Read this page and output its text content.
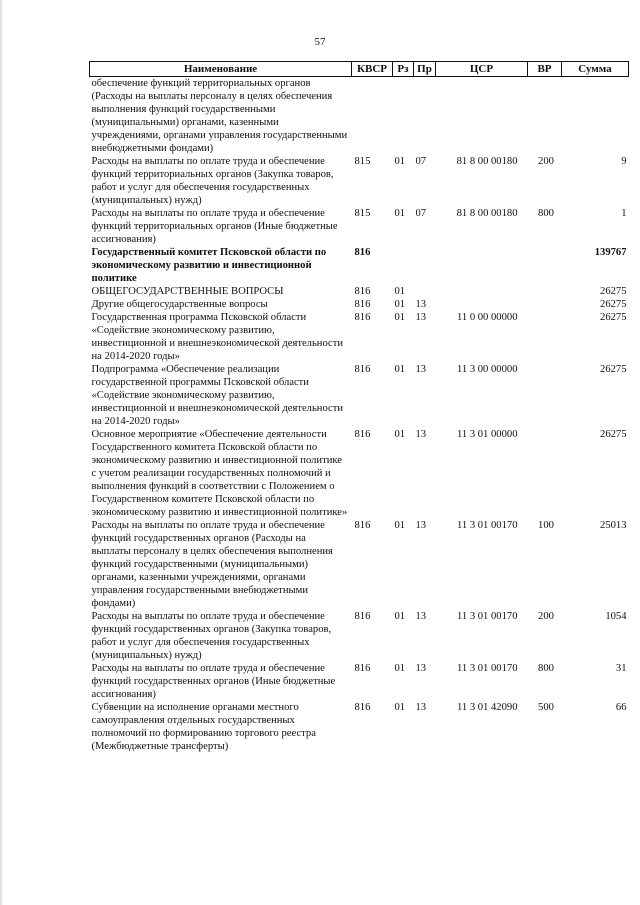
57
Наименование	КВСР	Рз	Пр	ЦСР	ВР	Сумма
обеспечение функций территориальных органов (Расходы на выплаты персоналу в целях обеспечения выполнения функций государственными (муниципальными) органами, казенными учреждениями, органами управления государственными внебюджетными фондами)						
Расходы на выплаты по оплате труда и обеспечение функций территориальных органов (Закупка товаров, работ и услуг для обеспечения государственных (муниципальных) нужд)	815	01	07	81 8 00 00180	200	9
Расходы на выплаты по оплате труда и обеспечение функций территориальных органов (Иные бюджетные ассигнования)	815	01	07	81 8 00 00180	800	1
Государственный комитет Псковской области по экономическому развитию и инвестиционной политике	816					139767
ОБЩЕГОСУДАРСТВЕННЫЕ ВОПРОСЫ	816	01				26275
Другие общегосударственные вопросы	816	01	13			26275
Государственная программа Псковской области «Содействие экономическому развитию, инвестиционной и внешнеэкономической деятельности на 2014-2020 годы»	816	01	13	11 0 00 00000		26275
Подпрограмма «Обеспечение реализации государственной программы Псковской области «Содействие экономическому развитию, инвестиционной и внешнеэкономической деятельности на 2014-2020 годы»	816	01	13	11 3 00 00000		26275
Основное мероприятие «Обеспечение деятельности Государственного комитета Псковской области по экономическому развитию и инвестиционной политике с учетом реализации государственных полномочий и выполнения функций в соответствии с Положением о Государственном комитете Псковской области по экономическому развитию и инвестиционной политике»	816	01	13	11 3 01 00000		26275
Расходы на выплаты по оплате труда и обеспечение функций государственных органов (Расходы на выплаты персоналу в целях обеспечения выполнения функций государственными (муниципальными) органами, казенными учреждениями, органами управления государственными внебюджетными фондами)	816	01	13	11 3 01 00170	100	25013
Расходы на выплаты по оплате труда и обеспечение функций государственных органов (Закупка товаров, работ и услуг для обеспечения государственных (муниципальных) нужд)	816	01	13	11 3 01 00170	200	1054
Расходы на выплаты по оплате труда и обеспечение функций государственных органов (Иные бюджетные ассигнования)	816	01	13	11 3 01 00170	800	31
Субвенции на исполнение органами местного самоуправления отдельных государственных полномочий по формированию торгового реестра (Межбюджетные трансферты)	816	01	13	11 3 01 42090	500	66
